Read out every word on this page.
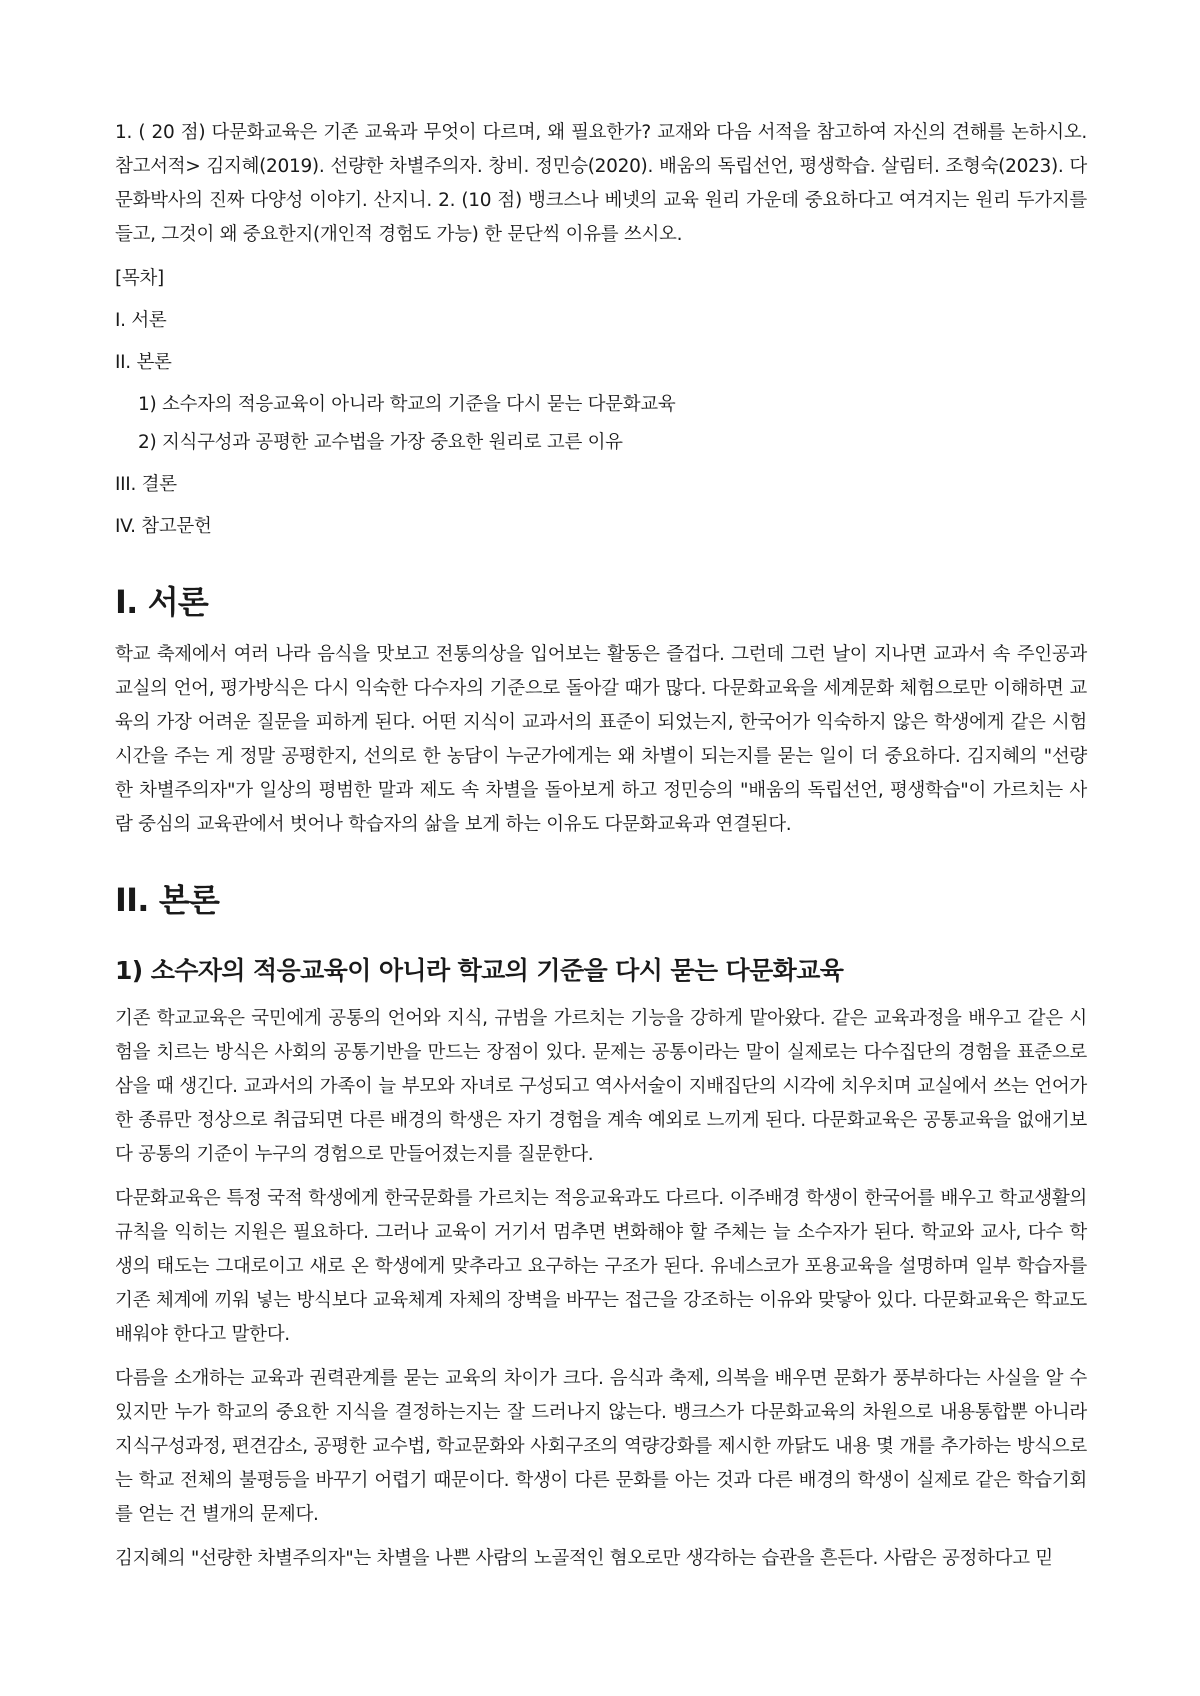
1. ( 20 점) 다문화교육은 기존 교육과 무엇이 다르며, 왜 필요한가? 교재와 다음 서적을 참고하여 자신의 견해를 논하시오. 참고서적> 김지혜(2019). 선량한 차별주의자. 창비. 정민승(2020). 배움의 독립선언, 평생학습. 살림터. 조형숙(2023). 다문화박사의 진짜 다양성 이야기. 산지니. 2. (10 점) 뱅크스나 베넷의 교육 원리 가운데 중요하다고 여겨지는 원리 두가지를 들고, 그것이 왜 중요한지(개인적 경험도 가능) 한 문단씩 이유를 쓰시오.

[목차]

I. 서론

II. 본론

1) 소수자의 적응교육이 아니라 학교의 기준을 다시 묻는 다문화교육

2) 지식구성과 공평한 교수법을 가장 중요한 원리로 고른 이유

III. 결론

IV. 참고문헌

I. 서론

학교 축제에서 여러 나라 음식을 맛보고 전통의상을 입어보는 활동은 즐겁다. 그런데 그런 날이 지나면 교과서 속 주인공과 교실의 언어, 평가방식은 다시 익숙한 다수자의 기준으로 돌아갈 때가 많다. 다문화교육을 세계문화 체험으로만 이해하면 교육의 가장 어려운 질문을 피하게 된다. 어떤 지식이 교과서의 표준이 되었는지, 한국어가 익숙하지 않은 학생에게 같은 시험시간을 주는 게 정말 공평한지, 선의로 한 농담이 누군가에게는 왜 차별이 되는지를 묻는 일이 더 중요하다. 김지혜의 "선량한 차별주의자"가 일상의 평범한 말과 제도 속 차별을 돌아보게 하고 정민승의 "배움의 독립선언, 평생학습"이 가르치는 사람 중심의 교육관에서 벗어나 학습자의 삶을 보게 하는 이유도 다문화교육과 연결된다.

II. 본론
1) 소수자의 적응교육이 아니라 학교의 기준을 다시 묻는 다문화교육

기존 학교교육은 국민에게 공통의 언어와 지식, 규범을 가르치는 기능을 강하게 맡아왔다. 같은 교육과정을 배우고 같은 시험을 치르는 방식은 사회의 공통기반을 만드는 장점이 있다. 문제는 공통이라는 말이 실제로는 다수집단의 경험을 표준으로 삼을 때 생긴다. 교과서의 가족이 늘 부모와 자녀로 구성되고 역사서술이 지배집단의 시각에 치우치며 교실에서 쓰는 언어가 한 종류만 정상으로 취급되면 다른 배경의 학생은 자기 경험을 계속 예외로 느끼게 된다. 다문화교육은 공통교육을 없애기보다 공통의 기준이 누구의 경험으로 만들어졌는지를 질문한다.

다문화교육은 특정 국적 학생에게 한국문화를 가르치는 적응교육과도 다르다. 이주배경 학생이 한국어를 배우고 학교생활의 규칙을 익히는 지원은 필요하다. 그러나 교육이 거기서 멈추면 변화해야 할 주체는 늘 소수자가 된다. 학교와 교사, 다수 학생의 태도는 그대로이고 새로 온 학생에게 맞추라고 요구하는 구조가 된다. 유네스코가 포용교육을 설명하며 일부 학습자를 기존 체계에 끼워 넣는 방식보다 교육체계 자체의 장벽을 바꾸는 접근을 강조하는 이유와 맞닿아 있다. 다문화교육은 학교도 배워야 한다고 말한다.

다름을 소개하는 교육과 권력관계를 묻는 교육의 차이가 크다. 음식과 축제, 의복을 배우면 문화가 풍부하다는 사실을 알 수 있지만 누가 학교의 중요한 지식을 결정하는지는 잘 드러나지 않는다. 뱅크스가 다문화교육의 차원으로 내용통합뿐 아니라 지식구성과정, 편견감소, 공평한 교수법, 학교문화와 사회구조의 역량강화를 제시한 까닭도 내용 몇 개를 추가하는 방식으로는 학교 전체의 불평등을 바꾸기 어렵기 때문이다. 학생이 다른 문화를 아는 것과 다른 배경의 학생이 실제로 같은 학습기회를 얻는 건 별개의 문제다.

김지혜의 "선량한 차별주의자"는 차별을 나쁜 사람의 노골적인 혐오로만 생각하는 습관을 흔든다. 사람은 공정하다고 믿
